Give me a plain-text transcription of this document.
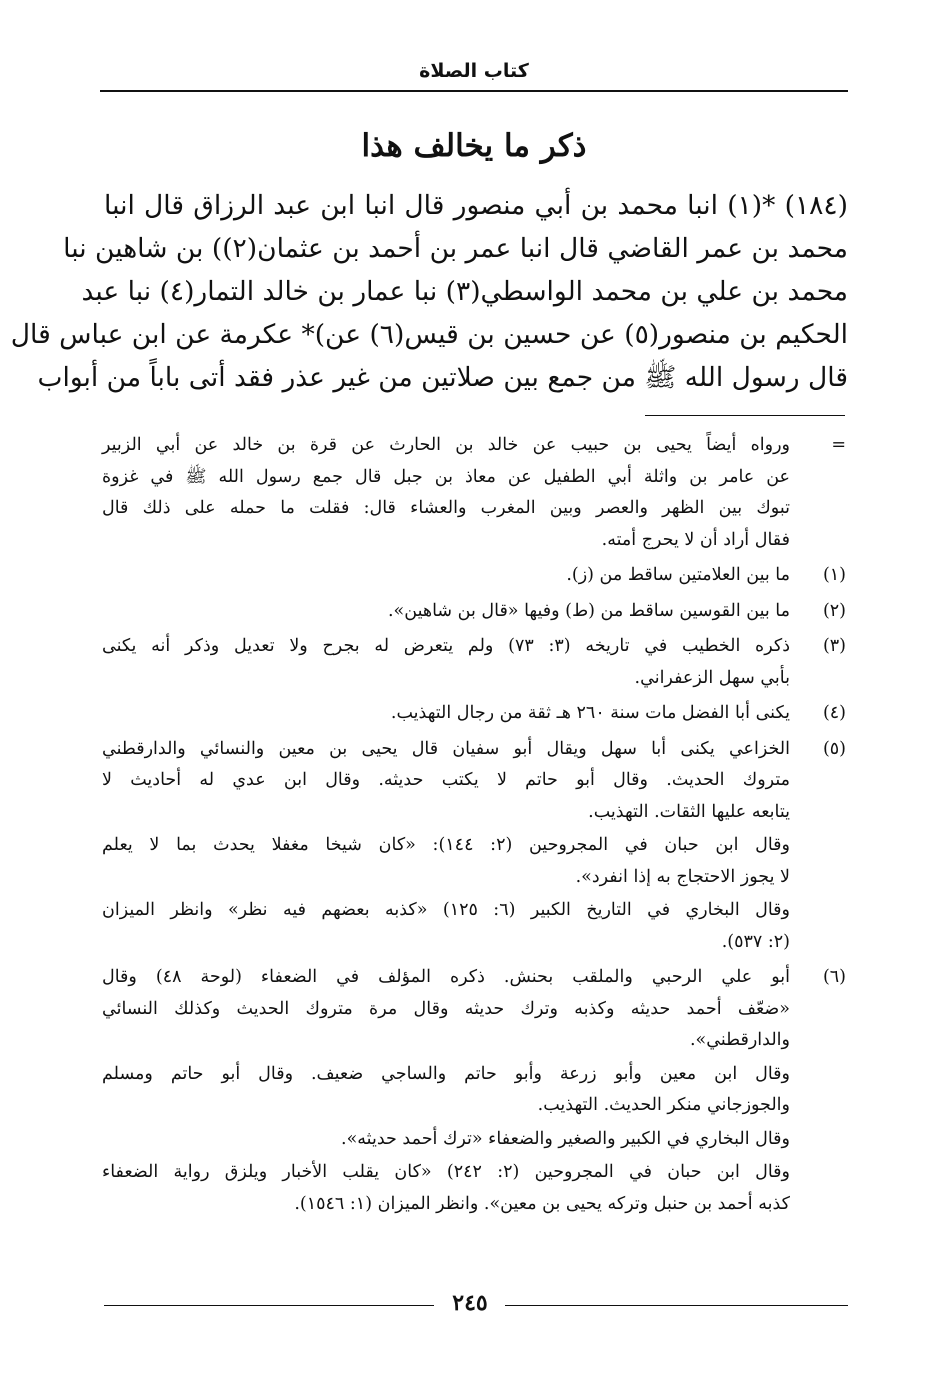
كتاب الصلاة
ذكر ما يخالف هذا
(١٨٤) *(١) انبا محمد بن أبي منصور قال انبا ابن عبد الرزاق قال انبا
محمد بن عمر القاضي قال انبا عمر بن أحمد بن عثمان(٢)) بن شاهين نبا
محمد بن علي بن محمد الواسطي(٣) نبا عمار بن خالد التمار(٤) نبا عبد
الحكيم بن منصور(٥) عن حسين بن قيس(٦) عن)* عكرمة عن ابن عباس قال
قال رسول الله ﷺ من جمع بين صلاتين من غير عذر فقد أتى باباً من أبواب
=

ورواه أيضاً يحيى بن حبيب عن خالد بن الحارث عن قرة بن خالد عن أبي الزبير
عن عامر بن واثلة أبي الطفيل عن معاذ بن جبل قال جمع رسول الله ﷺ في غزوة
تبوك بين الظهر والعصر وبين المغرب والعشاء قال: فقلت ما حمله على ذلك قال
فقال أراد أن لا يحرج أمته.

(١)

ما بين العلامتين ساقط من (ز).

(٢)

ما بين القوسين ساقط من (ط) وفيها «قال بن شاهين».

(٣)

ذكره الخطيب في تاريخه (٣: ٧٣) ولم يتعرض له بجرح ولا تعديل وذكر أنه يكنى
بأبي سهل الزعفراني.

(٤)

يكنى أبا الفضل مات سنة ٢٦٠ هـ ثقة من رجال التهذيب.

(٥)

الخزاعي يكنى أبا سهل ويقال أبو سفيان قال يحيى بن معين والنسائي والدارقطني
متروك الحديث. وقال أبو حاتم لا يكتب حديثه. وقال ابن عدي له أحاديث لا
يتابعه عليها الثقات. التهذيب.

وقال ابن حبان في المجروحين (٢: ١٤٤): «كان شيخا مغفلا يحدث بما لا يعلم
لا يجوز الاحتجاج به إذا انفرد».

وقال البخاري في التاريخ الكبير (٦: ١٢٥) «كذبه بعضهم فيه نظر» وانظر الميزان
(٢: ٥٣٧).

(٦)

أبو علي الرحبي والملقب بحنش. ذكره المؤلف في الضعفاء (لوحة ٤٨) وقال
«ضعّف أحمد حديثه وكذبه وترك حديثه وقال مرة متروك الحديث وكذلك النسائي
والدارقطني».

وقال ابن معين وأبو زرعة وأبو حاتم والساجي ضعيف. وقال أبو حاتم ومسلم
والجوزجاني منكر الحديث. التهذيب.

وقال البخاري في الكبير والصغير والضعفاء «ترك أحمد حديثه».

وقال ابن حبان في المجروحين (٢: ٢٤٢) «كان يقلب الأخبار ويلزق رواية الضعفاء
كذبه أحمد بن حنبل وتركه يحيى بن معين». وانظر الميزان (١: ١٥٤٦).

٢٤٥
